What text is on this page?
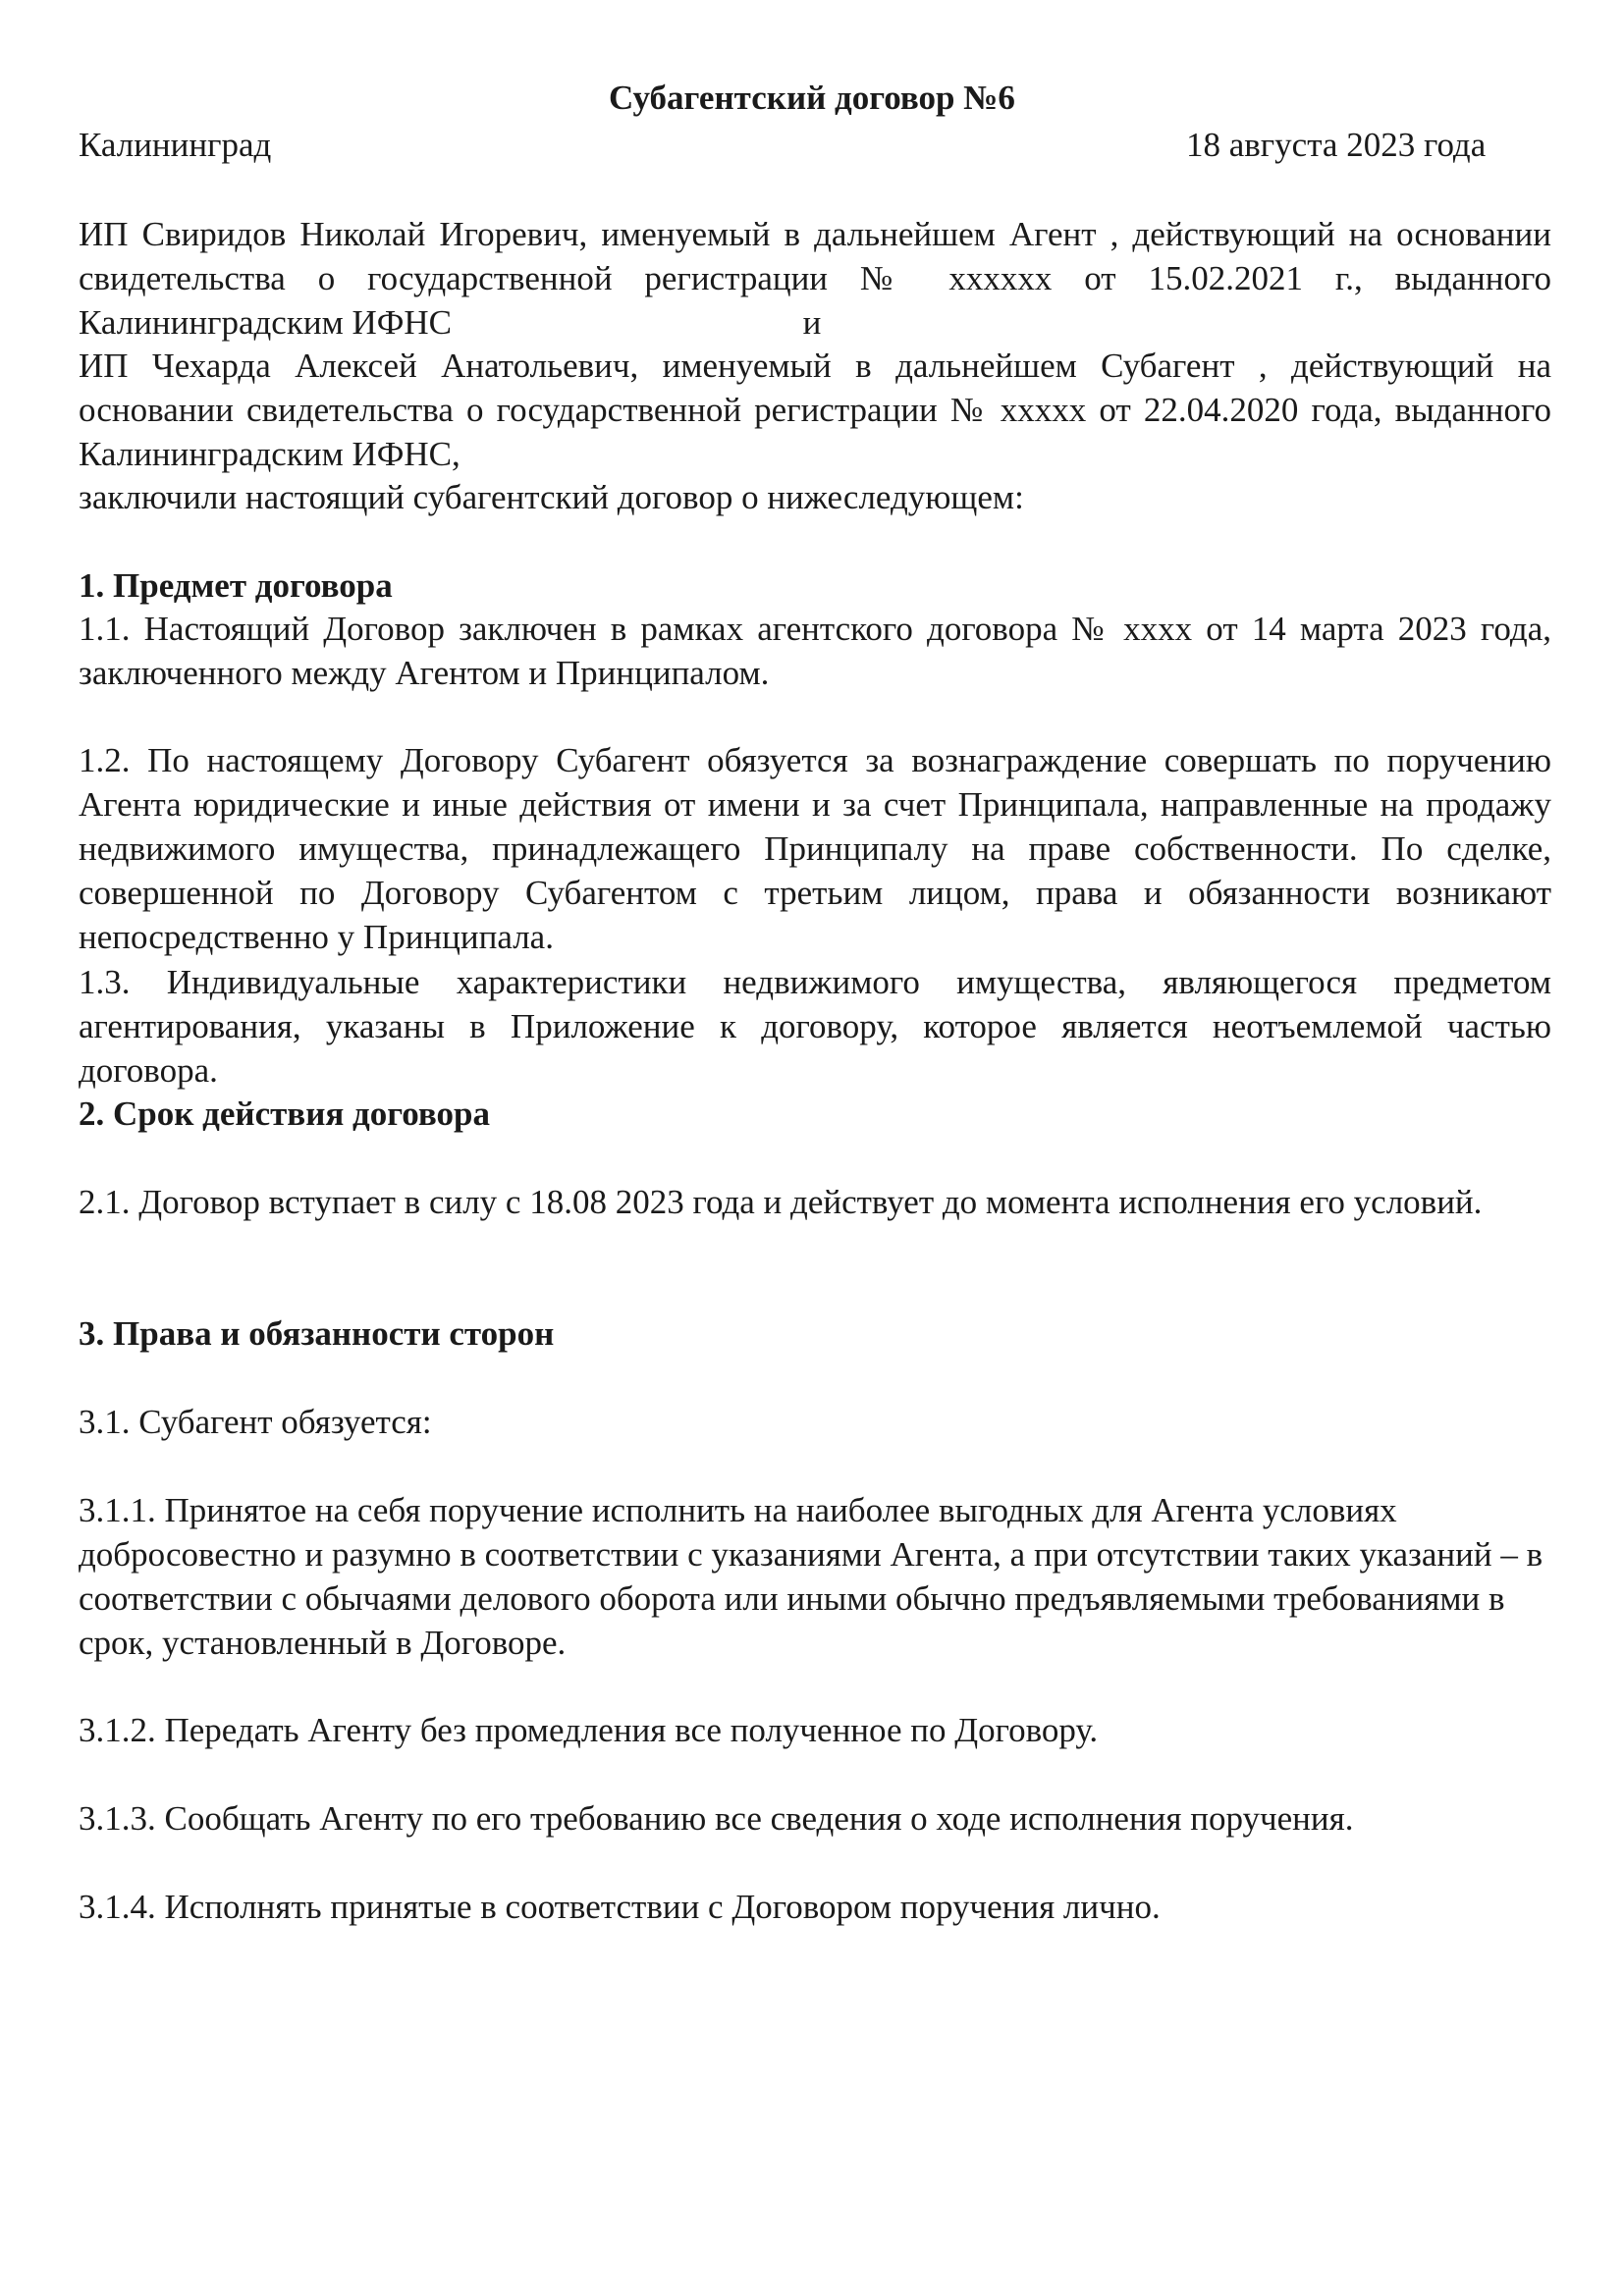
Субагентский договор №6
Калининград	18 августа 2023 года

ИП Свиридов Николай Игоревич, именуемый в дальнейшем Агент , действующий на основании свидетельства о государственной регистрации № xxxxxx от 15.02.2021 г., выданного Калининградским ИФНС	и

ИП Чехарда Алексей Анатольевич, именуемый в дальнейшем Субагент , действующий на основании свидетельства о государственной регистрации № xxxxx от 22.04.2020 года, выданного Калининградским ИФНС,

заключили настоящий субагентский договор о нижеследующем:

1. Предмет договора

1.1. Настоящий Договор заключен в рамках агентского договора № xxxx от 14 марта 2023 года, заключенного между Агентом и Принципалом.

1.2. По настоящему Договору Субагент обязуется за вознаграждение совершать по поручению Агента юридические и иные действия от имени и за счет Принципала, направленные на продажу недвижимого имущества, принадлежащего Принципалу на праве собственности. По сделке, совершенной по Договору Субагентом с третьим лицом, права и обязанности возникают непосредственно у Принципала.

1.3. Индивидуальные характеристики недвижимого имущества, являющегося предметом агентирования, указаны в Приложение к договору, которое является неотъемлемой частью договора.

2. Срок действия договора

2.1. Договор вступает в силу с 18.08 2023 года и действует до момента исполнения его условий.

3. Права и обязанности сторон

3.1. Субагент обязуется:

3.1.1. Принятое на себя поручение исполнить на наиболее выгодных для Агента условиях добросовестно и разумно в соответствии с указаниями Агента, а при отсутствии таких указаний – в соответствии с обычаями делового оборота или иными обычно предъявляемыми требованиями в срок, установленный в Договоре.

3.1.2. Передать Агенту без промедления все полученное по Договору.

3.1.3. Сообщать Агенту по его требованию все сведения о ходе исполнения поручения.

3.1.4. Исполнять принятые в соответствии с Договором поручения лично.
